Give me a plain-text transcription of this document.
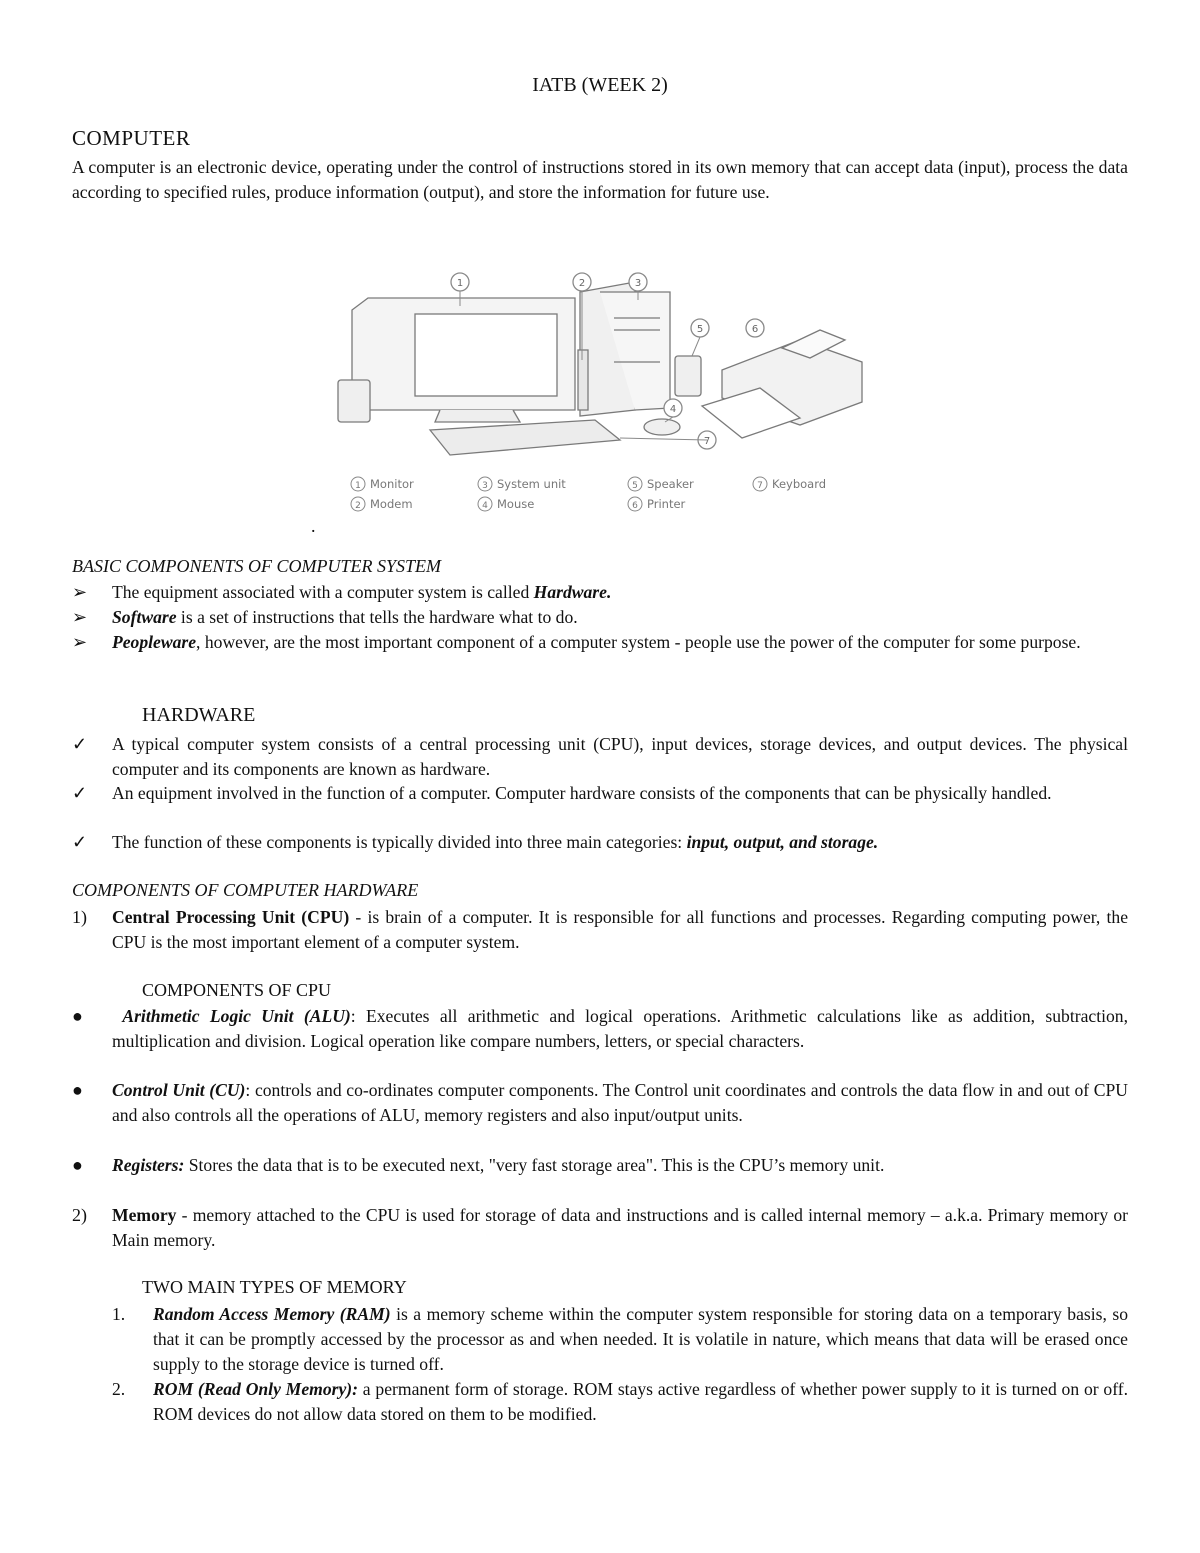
IATB (WEEK 2)
COMPUTER
A computer is an electronic device, operating under the control of instructions stored in its own memory that can accept data (input), process the data according to specified rules, produce information (output), and store the information for future use.
1	2	3
5	6
4
7
1 Monitor	3 System unit	5 Speaker	7 Keyboard
2 Modem	4 Mouse	6 Printer
.
BASIC COMPONENTS OF COMPUTER SYSTEM
➢ The equipment associated with a computer system is called Hardware.
➢ Software is a set of instructions that tells the hardware what to do.
➢ Peopleware, however, are the most important component of a computer system - people use the power of the computer for some purpose.
HARDWARE
✓ A typical computer system consists of a central processing unit (CPU), input devices, storage devices, and output devices. The physical computer and its components are known as hardware.
✓ An equipment involved in the function of a computer. Computer hardware consists of the components that can be physically handled.
✓ The function of these components is typically divided into three main categories: input, output, and storage.
COMPONENTS OF COMPUTER HARDWARE
1) Central Processing Unit (CPU) - is brain of a computer. It is responsible for all functions and processes. Regarding computing power, the CPU is the most important element of a computer system.
COMPONENTS OF CPU
●	Arithmetic Logic Unit (ALU): Executes all arithmetic and logical operations. Arithmetic calculations like as addition, subtraction, multiplication and division. Logical operation like compare numbers, letters, or special characters.
● Control Unit (CU): controls and co-ordinates computer components. The Control unit coordinates and controls the data flow in and out of CPU and also controls all the operations of ALU, memory registers and also input/output units.
● Registers: Stores the data that is to be executed next, "very fast storage area". This is the CPU’s memory unit.
2) Memory - memory attached to the CPU is used for storage of data and instructions and is called internal memory – a.k.a. Primary memory or Main memory.
TWO MAIN TYPES OF MEMORY
1. Random Access Memory (RAM) is a memory scheme within the computer system responsible for storing data on a temporary basis, so that it can be promptly accessed by the processor as and when needed. It is volatile in nature, which means that data will be erased once supply to the storage device is turned off.
2. ROM (Read Only Memory): a permanent form of storage. ROM stays active regardless of whether power supply to it is turned on or off. ROM devices do not allow data stored on them to be modified.
